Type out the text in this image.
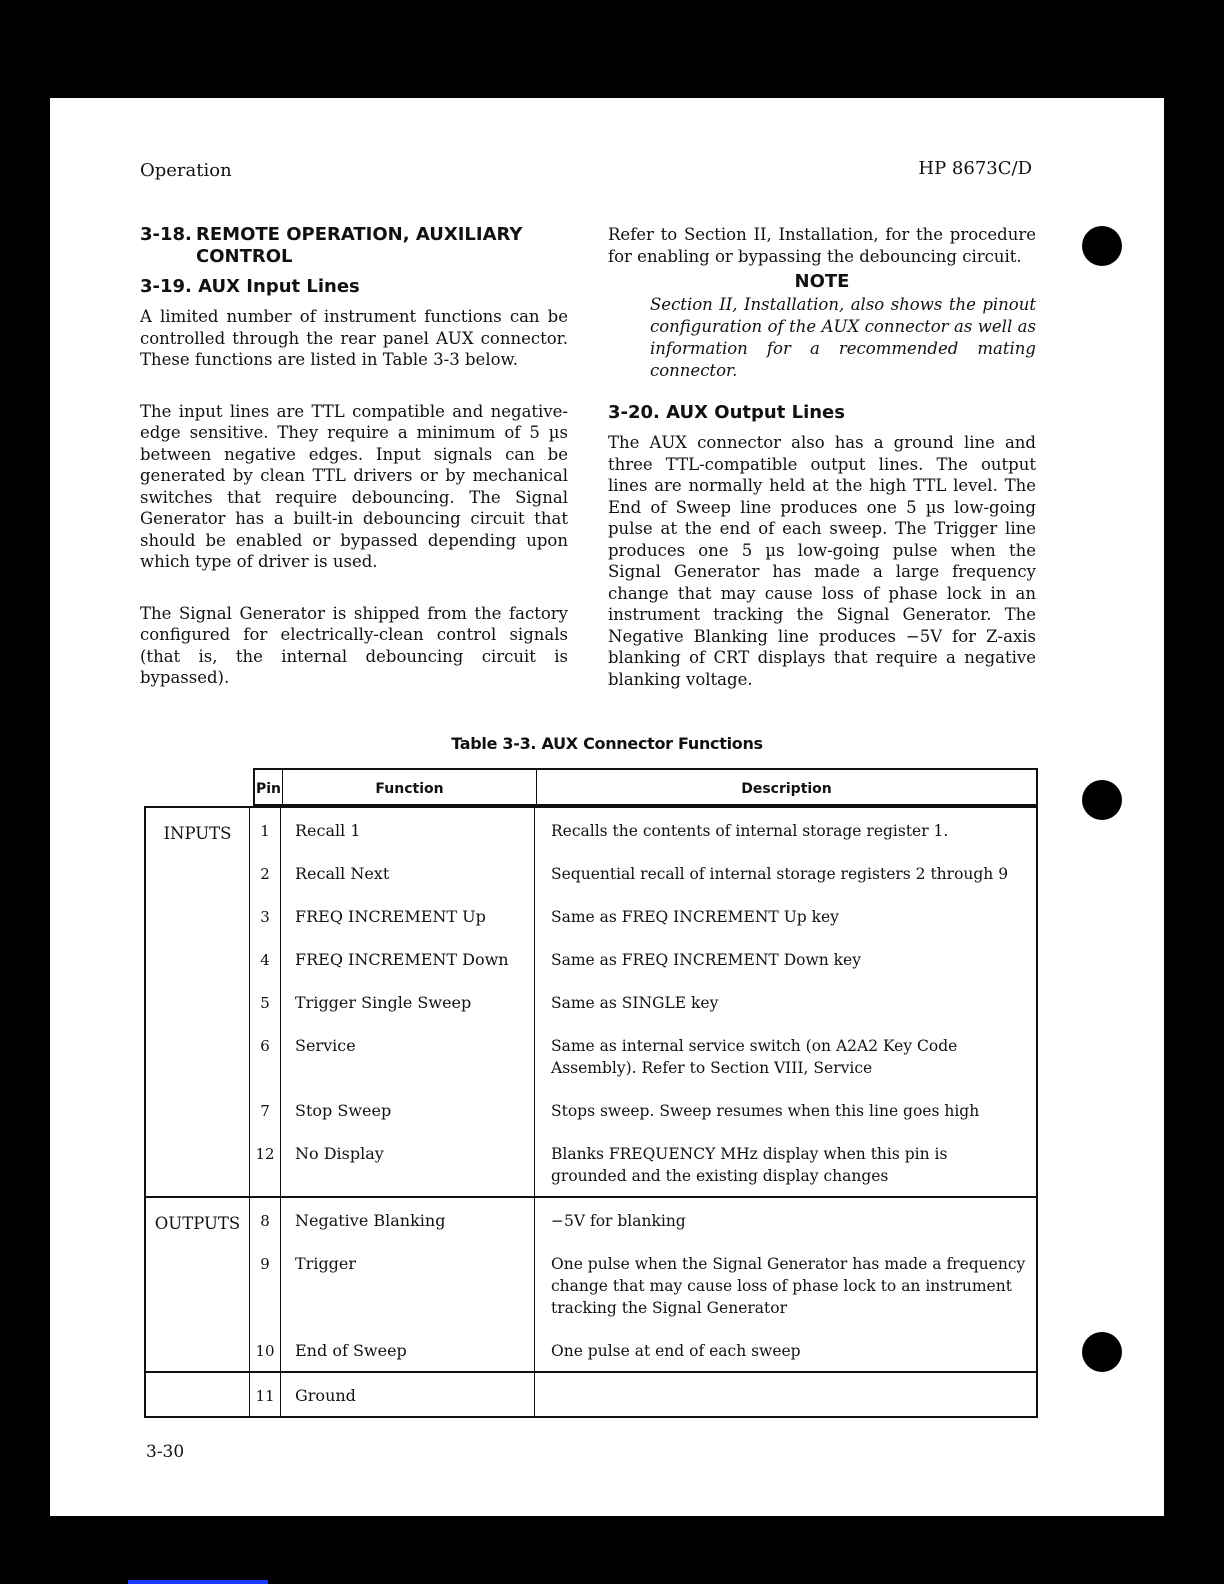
Operation	HP 8673C/D
3-18. REMOTE OPERATION, AUXILIARY
CONTROL
3-19. AUX Input Lines

A limited number of instrument functions can be controlled through the rear panel AUX connector. These functions are listed in Table 3-3 below.

The input lines are TTL compatible and negative-edge sensitive. They require a minimum of 5 µs between negative edges. Input signals can be generated by clean TTL drivers or by mechanical switches that require debouncing. The Signal Generator has a built-in debouncing circuit that should be enabled or bypassed depending upon which type of driver is used.

The Signal Generator is shipped from the factory configured for electrically-clean control signals (that is, the internal debouncing circuit is bypassed).

Refer to Section II, Installation, for the procedure for enabling or bypassing the debouncing circuit.

NOTE
Section II, Installation, also shows the pinout configuration of the AUX connector as well as information for a recommended mating connector.
3-20. AUX Output Lines

The AUX connector also has a ground line and three TTL-compatible output lines. The output lines are normally held at the high TTL level. The End of Sweep line produces one 5 µs low-going pulse at the end of each sweep. The Trigger line produces one 5 µs low-going pulse when the Signal Generator has made a large frequency change that may cause loss of phase lock in an instrument tracking the Signal Generator. The Negative Blanking line produces −5V for Z-axis blanking of CRT displays that require a negative blanking voltage.

Table 3-3. AUX Connector Functions
Pin	Function	Description
INPUTS	1	Recall 1	Recalls the contents of internal storage register 1.
2	Recall Next	Sequential recall of internal storage registers 2 through 9
3	FREQ INCREMENT Up	Same as FREQ INCREMENT Up key
4	FREQ INCREMENT Down	Same as FREQ INCREMENT Down key
5	Trigger Single Sweep	Same as SINGLE key
6	Service	Same as internal service switch (on A2A2 Key Code Assembly). Refer to Section VIII, Service
7	Stop Sweep	Stops sweep. Sweep resumes when this line goes high
12	No Display	Blanks FREQUENCY MHz display when this pin is grounded and the existing display changes
OUTPUTS	8	Negative Blanking	−5V for blanking
9	Trigger	One pulse when the Signal Generator has made a frequency change that may cause loss of phase lock to an instrument tracking the Signal Generator
10	End of Sweep	One pulse at end of each sweep
11	Ground
3-30
